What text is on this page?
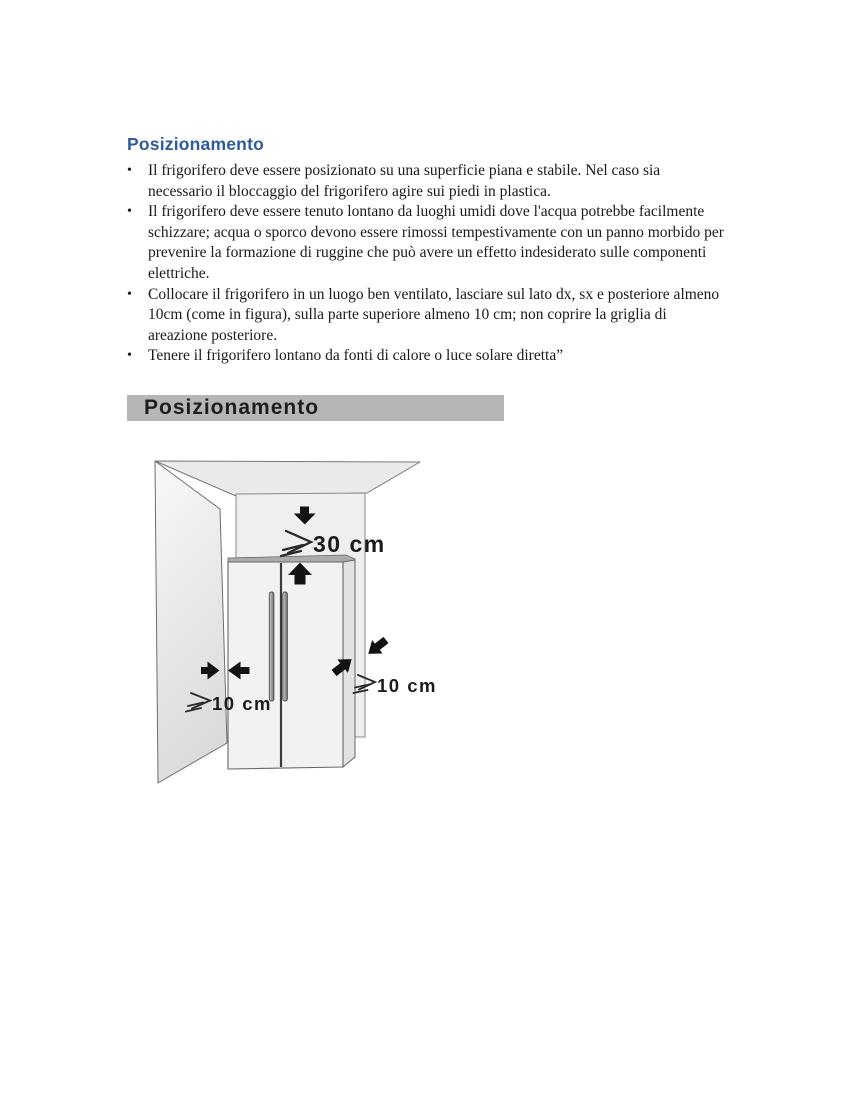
Posizionamento
•	Il frigorifero deve essere posizionato su una superficie piana e stabile. Nel caso sia necessario il bloccaggio del frigorifero agire sui piedi in plastica.
•	Il frigorifero deve essere tenuto lontano da luoghi umidi dove l'acqua potrebbe facilmente schizzare; acqua o sporco devono essere rimossi tempestivamente con un panno morbido per prevenire la formazione di ruggine che può avere un effetto indesiderato sulle componenti elettriche.
•	Collocare il frigorifero in un luogo ben ventilato, lasciare sul lato dx, sx e posteriore almeno 10cm (come in figura), sulla parte superiore almeno 10 cm; non coprire la griglia di areazione posteriore.
•	Tenere il frigorifero lontano da fonti di calore o luce solare diretta”
Posizionamento
30 cm
10 cm
10 cm
